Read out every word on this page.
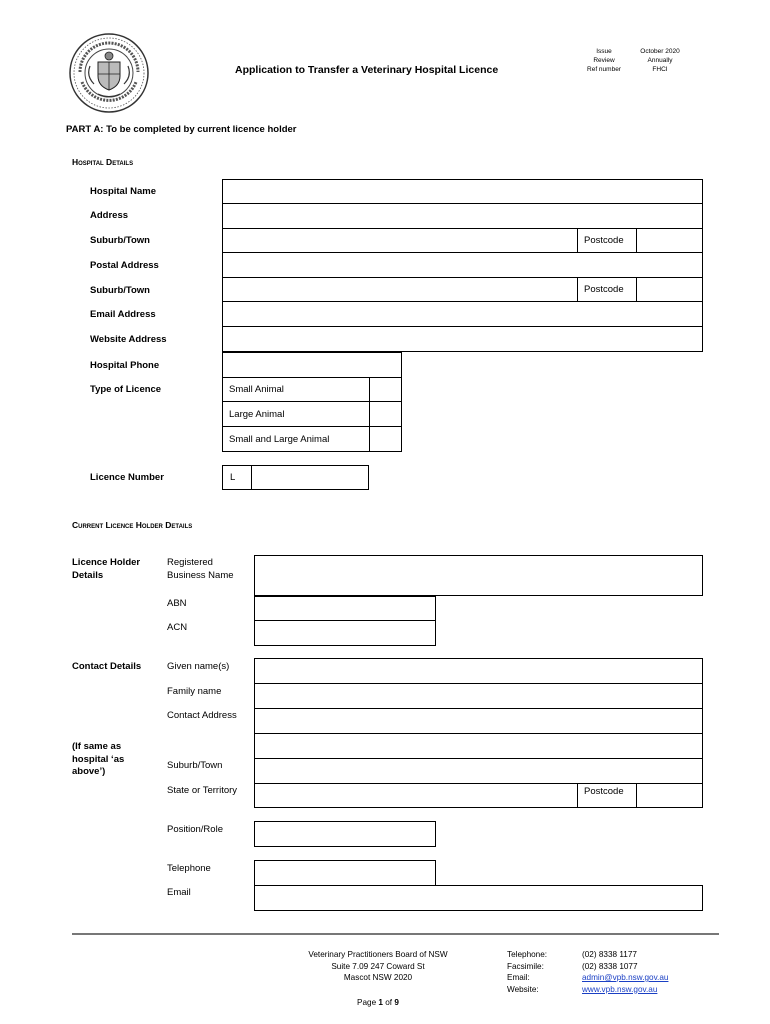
Application to Transfer a Veterinary Hospital Licence
Issue
Review
Ref number
October 2020
Annually
FHCI
PART A: To be completed by current licence holder
Hospital Details
Hospital Name
Address
Suburb/Town
Postal Address
Suburb/Town
Email Address
Website Address
Hospital Phone
Type of Licence
Licence Number
Postcode
Postcode
Small Animal
Large Animal
Small and Large Animal
L
Current Licence Holder Details
Licence Holder Details
Registered Business Name
ABN
ACN
Contact Details	Given name(s)
Family name
Contact Address
(If same as hospital ‘as above’)
Suburb/Town
State or Territory
Position/Role
Telephone
Email
Postcode
Veterinary Practitioners Board of NSW
Suite 7.09 247 Coward St
Mascot NSW 2020
Telephone:
Facsimile:
Email:
Website:
(02) 8338 1177
(02) 8338 1077
admin@vpb.nsw.gov.au
www.vpb.nsw.gov.au
Page 1 of 9
